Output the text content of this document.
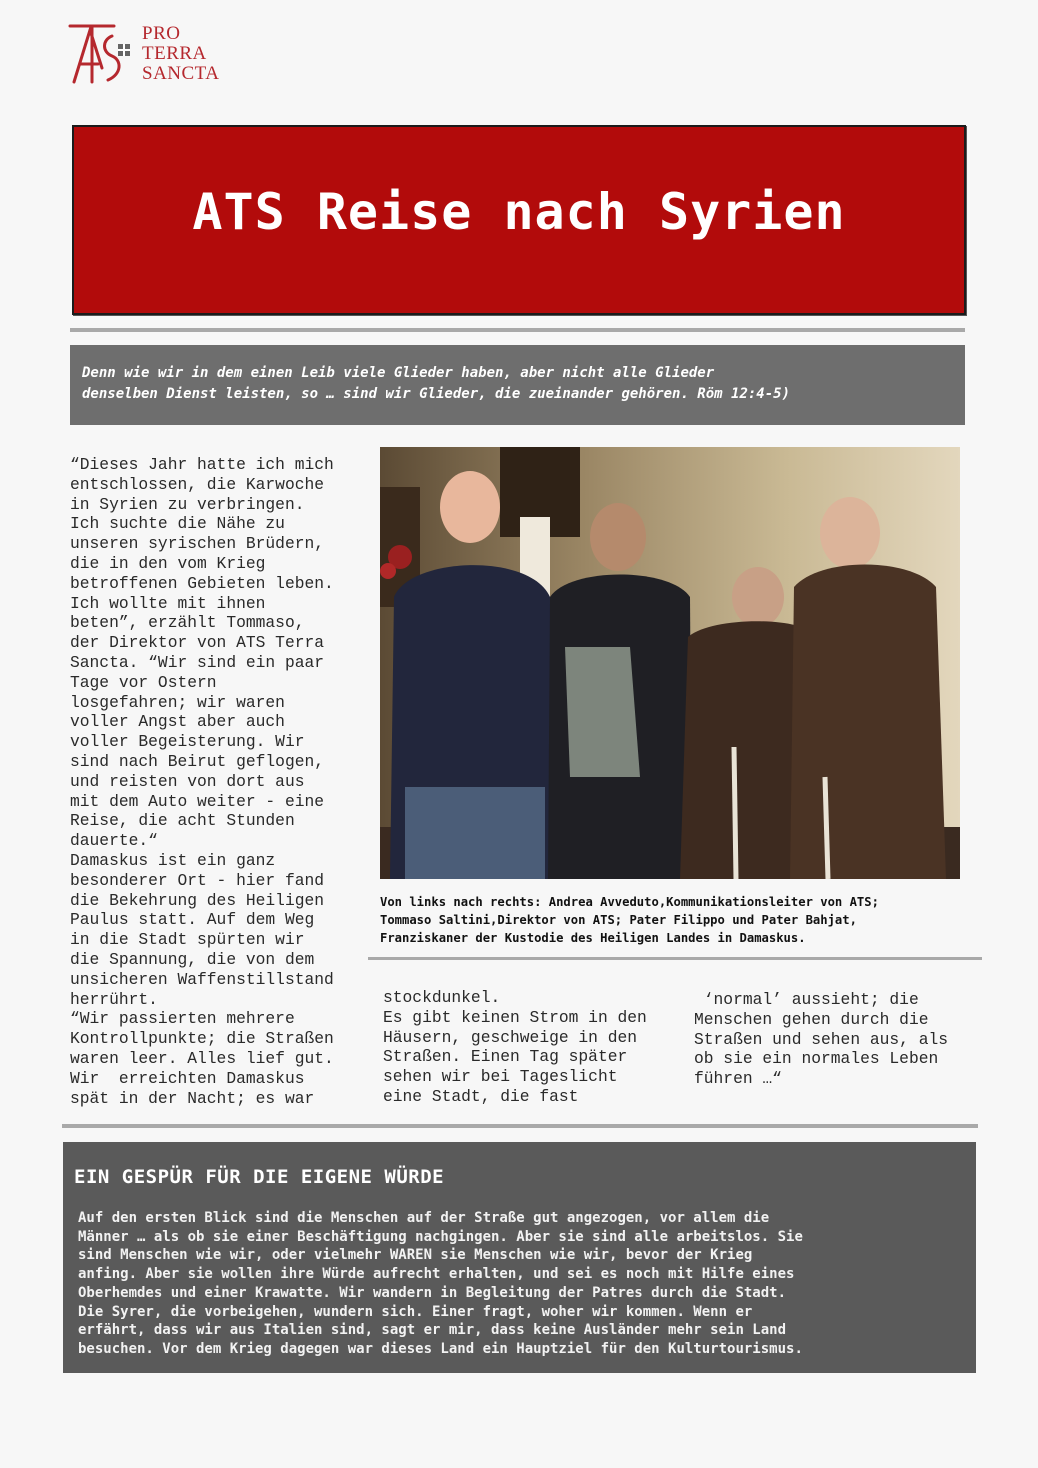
PRO
TERRA
SANCTA
ATS Reise nach Syrien

Denn wie wir in dem einen Leib viele Glieder haben, aber nicht alle Glieder
denselben Dienst leisten, so … sind wir Glieder, die zueinander gehören. Röm 12:4-5)

“Dieses Jahr hatte ich mich
entschlossen, die Karwoche
in Syrien zu verbringen.
Ich suchte die Nähe zu
unseren syrischen Brüdern,
die in den vom Krieg
betroffenen Gebieten leben.
Ich wollte mit ihnen
beten”, erzählt Tommaso,
der Direktor von ATS Terra
Sancta. “Wir sind ein paar
Tage vor Ostern
losgefahren; wir waren
voller Angst aber auch
voller Begeisterung. Wir
sind nach Beirut geflogen,
und reisten von dort aus
mit dem Auto weiter - eine
Reise, die acht Stunden
dauerte.“
Damaskus ist ein ganz
besonderer Ort - hier fand
die Bekehrung des Heiligen
Paulus statt. Auf dem Weg
in die Stadt spürten wir
die Spannung, die von dem
unsicheren Waffenstillstand
herrührt.
“Wir passierten mehrere
Kontrollpunkte; die Straßen
waren leer. Alles lief gut.
Wir  erreichten Damaskus
spät in der Nacht; es war

Von links nach rechts: Andrea Avveduto,Kommunikationsleiter von ATS;
Tommaso Saltini,Direktor von ATS; Pater Filippo und Pater Bahjat,
Franziskaner der Kustodie des Heiligen Landes in Damaskus.

stockdunkel.
Es gibt keinen Strom in den
Häusern, geschweige in den
Straßen. Einen Tag später
sehen wir bei Tageslicht
eine Stadt, die fast

‘normal’ aussieht; die
Menschen gehen durch die
Straßen und sehen aus, als
ob sie ein normales Leben
führen …“

EIN GESPÜR FÜR DIE EIGENE WÜRDE

Auf den ersten Blick sind die Menschen auf der Straße gut angezogen, vor allem die
Männer … als ob sie einer Beschäftigung nachgingen. Aber sie sind alle arbeitslos. Sie
sind Menschen wie wir, oder vielmehr WAREN sie Menschen wie wir, bevor der Krieg
anfing. Aber sie wollen ihre Würde aufrecht erhalten, und sei es noch mit Hilfe eines
Oberhemdes und einer Krawatte. Wir wandern in Begleitung der Patres durch die Stadt.
Die Syrer, die vorbeigehen, wundern sich. Einer fragt, woher wir kommen. Wenn er
erfährt, dass wir aus Italien sind, sagt er mir, dass keine Ausländer mehr sein Land
besuchen. Vor dem Krieg dagegen war dieses Land ein Hauptziel für den Kulturtourismus.
